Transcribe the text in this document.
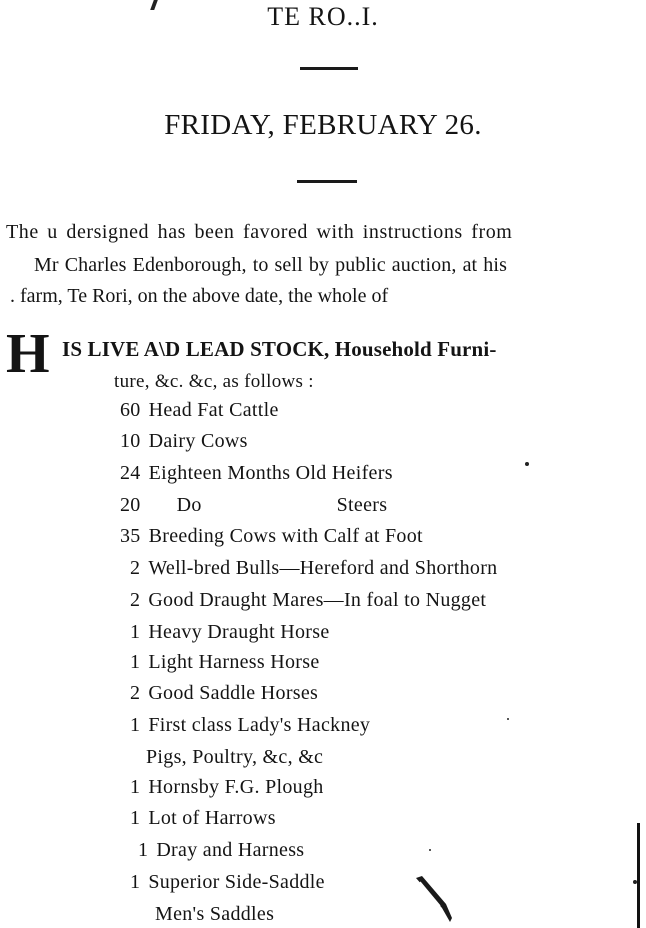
TE RO..I.
FRIDAY, FEBRUARY 26.
The u dersigned has been favored with instructions from
Mr Charles Edenborough, to sell by public auction, at his
. farm, Te Rori, on the above date, the whole of
H IS LIVE A\D LEAD STOCK, Household Furni-
ture, &c. &c, as follows :
60 Head Fat Cattle
10 Dairy Cows
24 Eighteen Months Old Heifers
20 Do	Steers
35 Breeding Cows with Calf at Foot
2 Well-bred Bulls—Hereford and Shorthorn
2 Good Draught Mares—In foal to Nugget
1 Heavy Draught Horse
1 Light Harness Horse
2 Good Saddle Horses
1 First class Lady's Hackney
Pigs, Poultry, &c, &c
1 Hornsby F.G. Plough
1 Lot of Harrows
1 Dray and Harness
1 Superior Side-Saddle
Men's Saddles
